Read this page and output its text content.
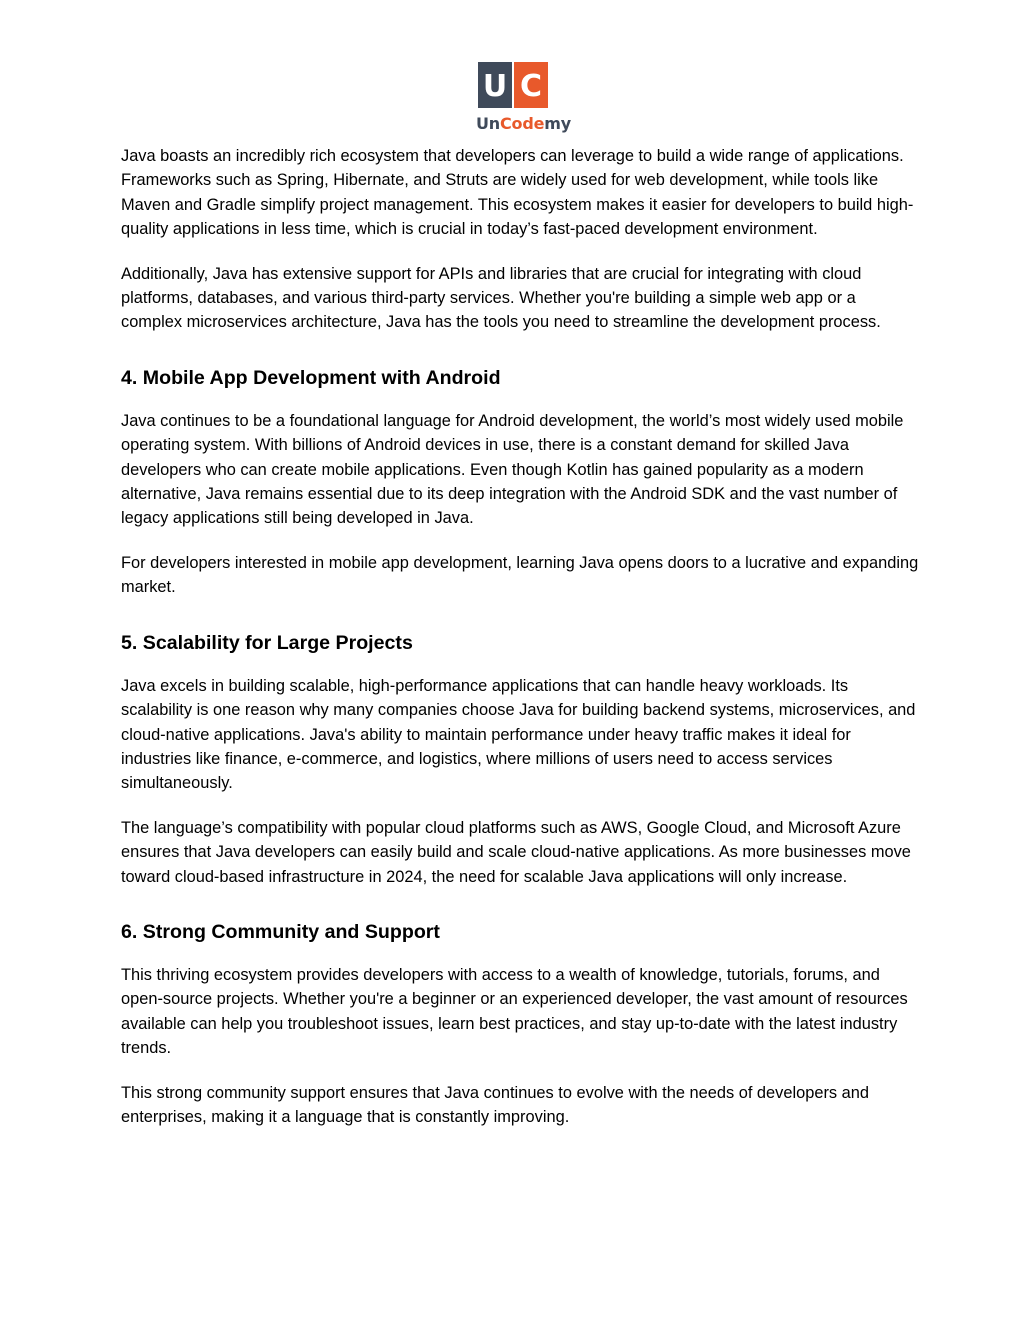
U C
UnCodemy

Java boasts an incredibly rich ecosystem that developers can leverage to build a wide range of applications. Frameworks such as Spring, Hibernate, and Struts are widely used for web development, while tools like Maven and Gradle simplify project management. This ecosystem makes it easier for developers to build high-quality applications in less time, which is crucial in today’s fast-paced development environment.

Additionally, Java has extensive support for APIs and libraries that are crucial for integrating with cloud platforms, databases, and various third-party services. Whether you're building a simple web app or a complex microservices architecture, Java has the tools you need to streamline the development process.

4. Mobile App Development with Android

Java continues to be a foundational language for Android development, the world’s most widely used mobile operating system. With billions of Android devices in use, there is a constant demand for skilled Java developers who can create mobile applications. Even though Kotlin has gained popularity as a modern alternative, Java remains essential due to its deep integration with the Android SDK and the vast number of legacy applications still being developed in Java.

For developers interested in mobile app development, learning Java opens doors to a lucrative and expanding market.

5. Scalability for Large Projects

Java excels in building scalable, high-performance applications that can handle heavy workloads. Its scalability is one reason why many companies choose Java for building backend systems, microservices, and cloud-native applications. Java's ability to maintain performance under heavy traffic makes it ideal for industries like finance, e-commerce, and logistics, where millions of users need to access services simultaneously.

The language’s compatibility with popular cloud platforms such as AWS, Google Cloud, and Microsoft Azure ensures that Java developers can easily build and scale cloud-native applications. As more businesses move toward cloud-based infrastructure in 2024, the need for scalable Java applications will only increase.

6. Strong Community and Support

This thriving ecosystem provides developers with access to a wealth of knowledge, tutorials, forums, and open-source projects. Whether you're a beginner or an experienced developer, the vast amount of resources available can help you troubleshoot issues, learn best practices, and stay up-to-date with the latest industry trends.

This strong community support ensures that Java continues to evolve with the needs of developers and enterprises, making it a language that is constantly improving.
